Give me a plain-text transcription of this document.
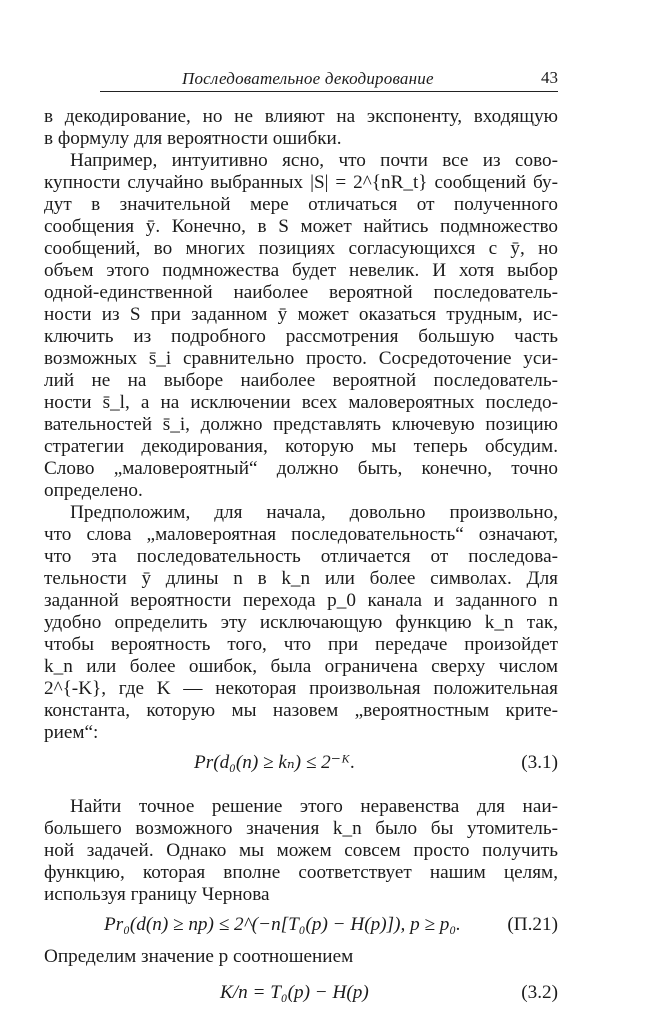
Последовательное декодирование	43
в декодирование, но не влияют на экспоненту, входящую
в формулу для вероятности ошибки.
Например, интуитивно ясно, что почти все из сово-
купности случайно выбранных |S| = 2^{nR_t} сообщений бу-
дут в значительной мере отличаться от полученного
сообщения ȳ. Конечно, в S может найтись подмножество
сообщений, во многих позициях согласующихся с ȳ, но
объем этого подмножества будет невелик. И хотя выбор
одной-единственной наиболее вероятной последователь-
ности из S при заданном ȳ может оказаться трудным, ис-
ключить из подробного рассмотрения большую часть
возможных s̄_i сравнительно просто. Сосредоточение уси-
лий не на выборе наиболее вероятной последователь-
ности s̄_l, а на исключении всех маловероятных последо-
вательностей s̄_i, должно представлять ключевую позицию
стратегии декодирования, которую мы теперь обсудим.
Слово „маловероятный“ должно быть, конечно, точно
определено.
Предположим, для начала, довольно произвольно,
что слова „маловероятная последовательность“ означают,
что эта последовательность отличается от последова-
тельности ȳ длины n в k_n или более символах. Для
заданной вероятности перехода p_0 канала и заданного n
удобно определить эту исключающую функцию k_n так,
чтобы вероятность того, что при передаче произойдет
k_n или более ошибок, была ограничена сверху числом
2^{-K}, где K — некоторая произвольная положительная
константа, которую мы назовем „вероятностным крите-
рием“:
Pr(d₀(n) ≥ kₙ) ≤ 2⁻ᴷ.	(3.1)
Найти точное решение этого неравенства для наи-
большего возможного значения k_n было бы утомитель-
ной задачей. Однако мы можем совсем просто получить
функцию, которая вполне соответствует нашим целям,
используя границу Чернова
Pr₀(d(n) ≥ np) ≤ 2^(−n[T₀(p) − H(p)]), p ≥ p₀. (П.21)
Определим значение p соотношением
K/n = T₀(p) − H(p)	(3.2)
